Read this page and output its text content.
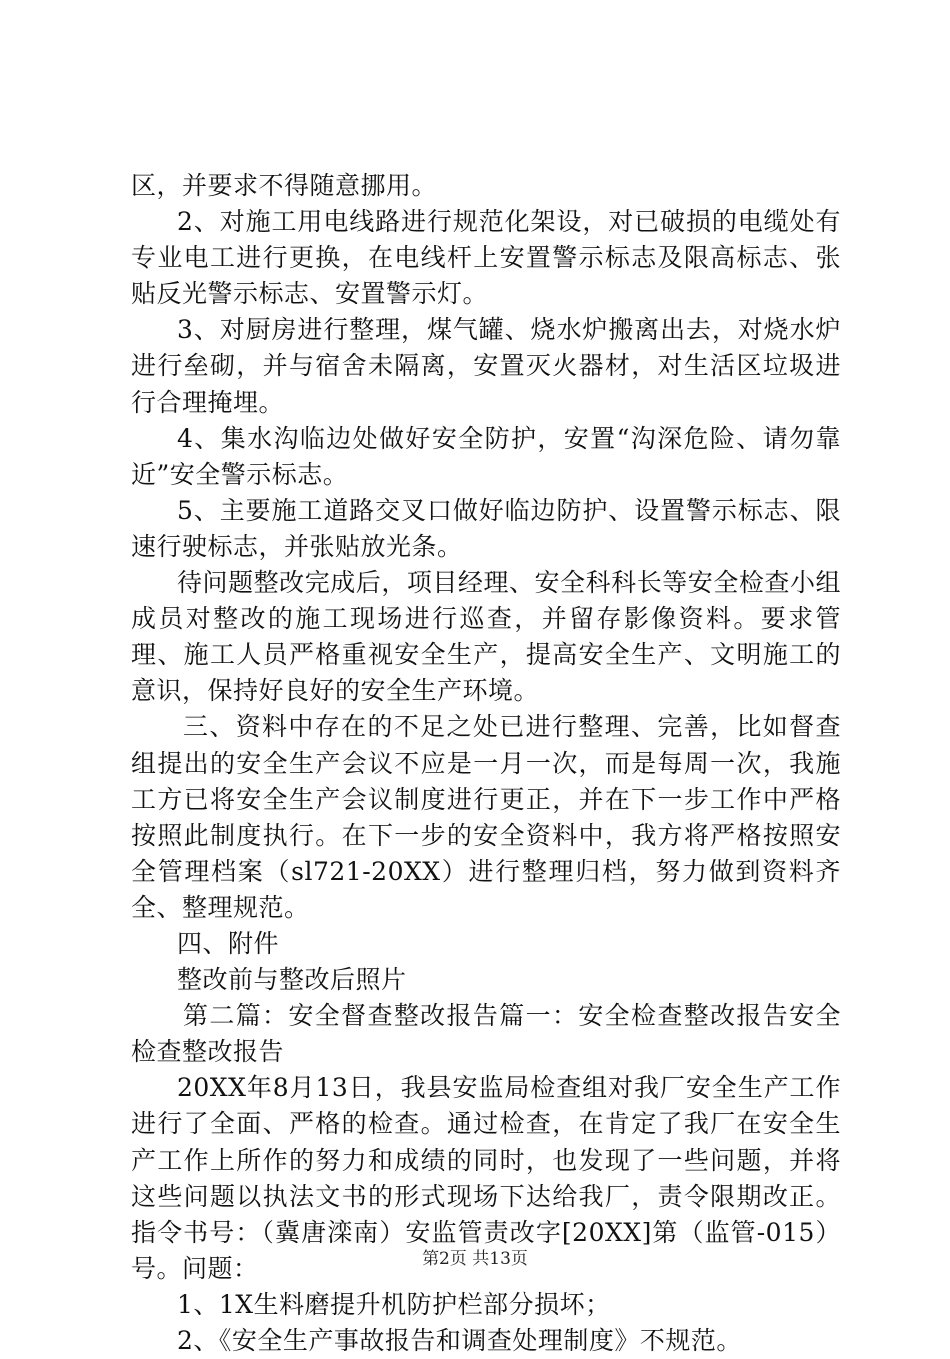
区，并要求不得随意挪用。

2、对施工用电线路进行规范化架设，对已破损的电缆处有专业电工进行更换，在电线杆上安置警示标志及限高标志、张贴反光警示标志、安置警示灯。

3、对厨房进行整理，煤气罐、烧水炉搬离出去，对烧水炉进行垒砌，并与宿舍未隔离，安置灭火器材，对生活区垃圾进行合理掩埋。

4、集水沟临边处做好安全防护，安置“沟深危险、请勿靠近”安全警示标志。

5、主要施工道路交叉口做好临边防护、设置警示标志、限速行驶标志，并张贴放光条。

待问题整改完成后，项目经理、安全科科长等安全检查小组成员对整改的施工现场进行巡查，并留存影像资料。要求管理、施工人员严格重视安全生产，提高安全生产、文明施工的意识，保持好良好的安全生产环境。

三、资料中存在的不足之处已进行整理、完善，比如督查组提出的安全生产会议不应是一月一次，而是每周一次，我施工方已将安全生产会议制度进行更正，并在下一步工作中严格按照此制度执行。在下一步的安全资料中，我方将严格按照安全管理档案（sl721-20XX）进行整理归档，努力做到资料齐全、整理规范。

四、附件

整改前与整改后照片

第二篇：安全督查整改报告篇一：安全检查整改报告安全检查整改报告

20XX年8月13日，我县安监局检查组对我厂安全生产工作进行了全面、严格的检查。通过检查，在肯定了我厂在安全生产工作上所作的努力和成绩的同时，也发现了一些问题，并将这些问题以执法文书的形式现场下达给我厂，责令限期改正。指令书号：（冀唐滦南）安监管责改字[20XX]第（监管-015）号。问题：

1、1X生料磨提升机防护栏部分损坏；

2、《安全生产事故报告和调查处理制度》不规范。

第2页 共13页
